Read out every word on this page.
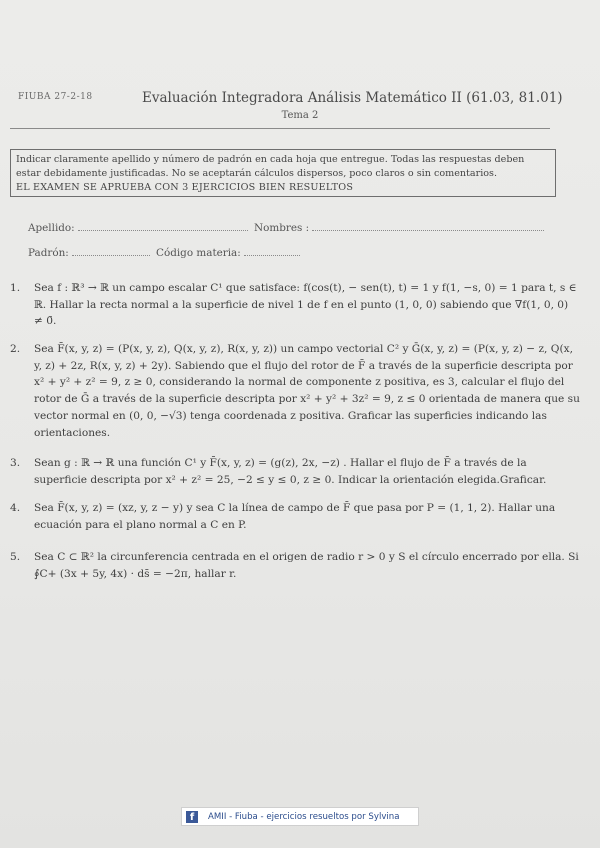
FIUBA 27-2-18	Evaluación Integradora Análisis Matemático II (61.03, 81.01)
Tema 2
Indicar claramente apellido y número de padrón en cada hoja que entregue. Todas las respuestas deben
estar debidamente justificadas. No se aceptarán cálculos dispersos, poco claros o sin comentarios.
EL EXAMEN SE APRUEBA CON 3 EJERCICIOS BIEN RESUELTOS
Apellido:	Nombres :
Padrón:	Código materia:
1. Sea f : ℝ³ → ℝ un campo escalar C¹ que satisface: f(cos(t), − sen(t), t) = 1 y f(1, −s, 0) = 1 para t, s ∈ ℝ. Hallar la recta normal a la superficie de nivel 1 de f en el punto (1, 0, 0) sabiendo que ∇f(1, 0, 0) ≠ 0̄.
2. Sea F̄(x, y, z) = (P(x, y, z), Q(x, y, z), R(x, y, z)) un campo vectorial C² y Ḡ(x, y, z) = (P(x, y, z) − z, Q(x, y, z) + 2z, R(x, y, z) + 2y). Sabiendo que el flujo del rotor de F̄ a través de la superficie descripta por x² + y² + z² = 9, z ≥ 0, considerando la normal de componente z positiva, es 3, calcular el flujo del rotor de Ḡ a través de la superficie descripta por x² + y² + 3z² = 9, z ≤ 0 orientada de manera que su vector normal en (0, 0, −√3) tenga coordenada z positiva. Graficar las superficies indicando las orientaciones.
3. Sean g : ℝ → ℝ una función C¹ y F̄(x, y, z) = (g(z), 2x, −z) . Hallar el flujo de F̄ a través de la superficie descripta por x² + z² = 25, −2 ≤ y ≤ 0, z ≥ 0. Indicar la orientación elegida.Graficar.
4. Sea F̄(x, y, z) = (xz, y, z − y) y sea C la línea de campo de F̄ que pasa por P = (1, 1, 2). Hallar una ecuación para el plano normal a C en P.
5. Sea C ⊂ ℝ² la circunferencia centrada en el origen de radio r > 0 y S el círculo encerrado por ella. Si ∮C+ (3x + 5y, 4x) · ds̄ = −2π, hallar r.
f	AMII - Fiuba - ejercicios resueltos por Sylvina
